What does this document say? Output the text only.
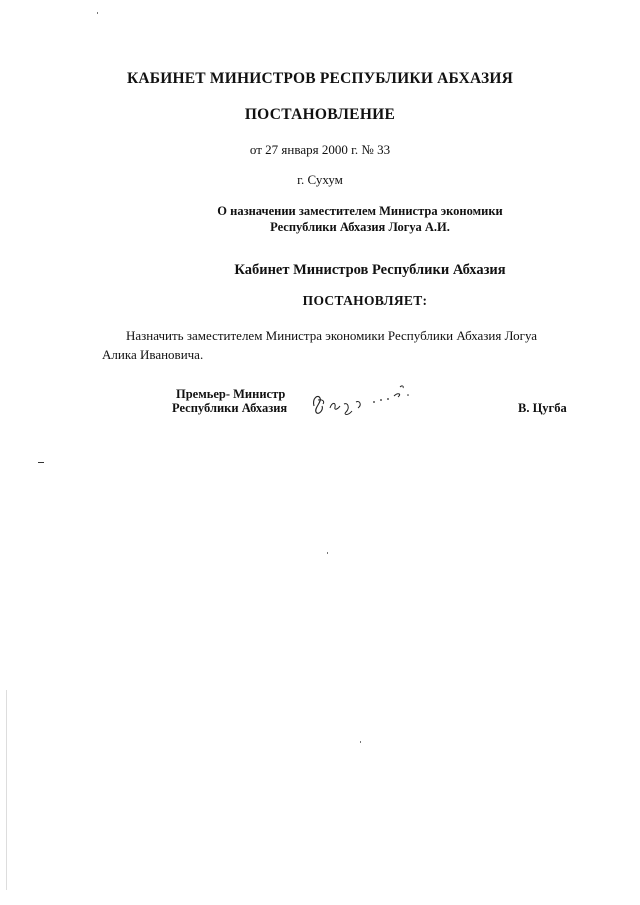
КАБИНЕТ МИНИСТРОВ РЕСПУБЛИКИ АБХАЗИЯ
ПОСТАНОВЛЕНИЕ
от 27 января 2000 г. № 33
г. Сухум
О назначении заместителем Министра экономики
Республики Абхазия Логуа А.И.
Кабинет Министров Республики Абхазия
ПОСТАНОВЛЯЕТ:
Назначить заместителем Министра экономики Республики Абхазия Логуа Алика Ивановича.
Премьер- Министр
Республики Абхазия	В. Цугба
